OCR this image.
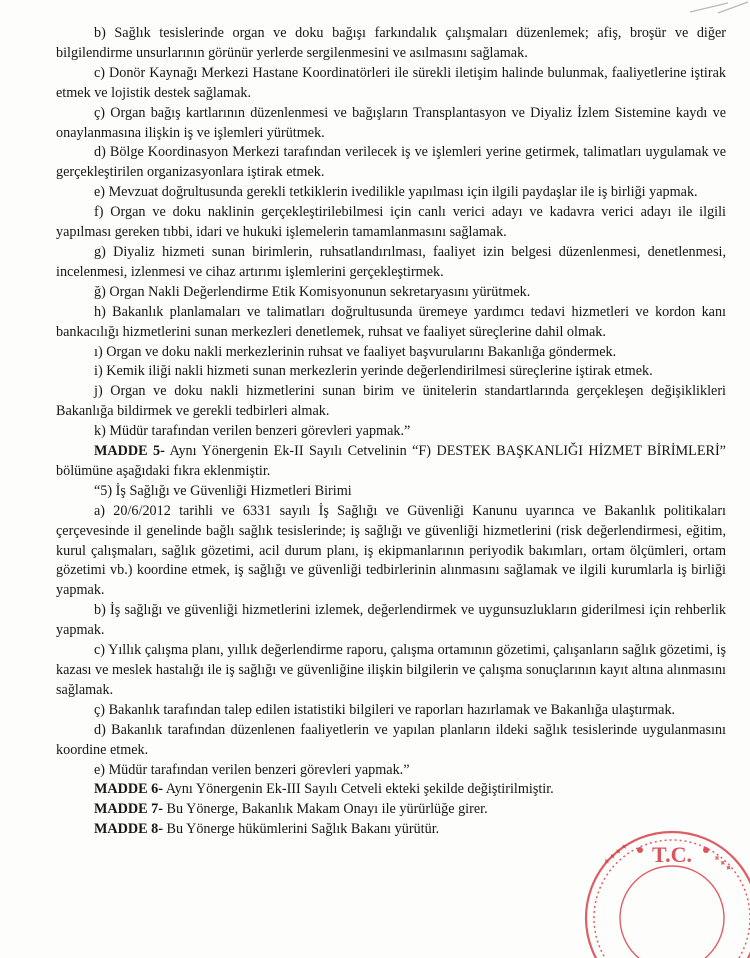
b) Sağlık tesislerinde organ ve doku bağışı farkındalık çalışmaları düzenlemek; afiş, broşür ve diğer bilgilendirme unsurlarının görünür yerlerde sergilenmesini ve asılmasını sağlamak.

c) Donör Kaynağı Merkezi Hastane Koordinatörleri ile sürekli iletişim halinde bulunmak, faaliyetlerine iştirak etmek ve lojistik destek sağlamak.

ç) Organ bağış kartlarının düzenlenmesi ve bağışların Transplantasyon ve Diyaliz İzlem Sistemine kaydı ve onaylanmasına ilişkin iş ve işlemleri yürütmek.

d) Bölge Koordinasyon Merkezi tarafından verilecek iş ve işlemleri yerine getirmek, talimatları uygulamak ve gerçekleştirilen organizasyonlara iştirak etmek.

e) Mevzuat doğrultusunda gerekli tetkiklerin ivedilikle yapılması için ilgili paydaşlar ile iş birliği yapmak.

f) Organ ve doku naklinin gerçekleştirilebilmesi için canlı verici adayı ve kadavra verici adayı ile ilgili yapılması gereken tıbbi, idari ve hukuki işlemelerin tamamlanmasını sağlamak.

g) Diyaliz hizmeti sunan birimlerin, ruhsatlandırılması, faaliyet izin belgesi düzenlenmesi, denetlenmesi, incelenmesi, izlenmesi ve cihaz artırımı işlemlerini gerçekleştirmek.

ğ) Organ Nakli Değerlendirme Etik Komisyonunun sekretaryasını yürütmek.

h) Bakanlık planlamaları ve talimatları doğrultusunda üremeye yardımcı tedavi hizmetleri ve kordon kanı bankacılığı hizmetlerini sunan merkezleri denetlemek, ruhsat ve faaliyet süreçlerine dahil olmak.

ı) Organ ve doku nakli merkezlerinin ruhsat ve faaliyet başvurularını Bakanlığa göndermek.

i) Kemik iliği nakli hizmeti sunan merkezlerin yerinde değerlendirilmesi süreçlerine iştirak etmek.

j) Organ ve doku nakli hizmetlerini sunan birim ve ünitelerin standartlarında gerçekleşen değişiklikleri Bakanlığa bildirmek ve gerekli tedbirleri almak.

k) Müdür tarafından verilen benzeri görevleri yapmak.”

MADDE 5- Aynı Yönergenin Ek-II Sayılı Cetvelinin “F) DESTEK BAŞKANLIĞI HİZMET BİRİMLERİ” bölümüne aşağıdaki fıkra eklenmiştir.

“5) İş Sağlığı ve Güvenliği Hizmetleri Birimi

a) 20/6/2012 tarihli ve 6331 sayılı İş Sağlığı ve Güvenliği Kanunu uyarınca ve Bakanlık politikaları çerçevesinde il genelinde bağlı sağlık tesislerinde; iş sağlığı ve güvenliği hizmetlerini (risk değerlendirmesi, eğitim, kurul çalışmaları, sağlık gözetimi, acil durum planı, iş ekipmanlarının periyodik bakımları, ortam ölçümleri, ortam gözetimi vb.) koordine etmek, iş sağlığı ve güvenliği tedbirlerinin alınmasını sağlamak ve ilgili kurumlarla iş birliği yapmak.

b) İş sağlığı ve güvenliği hizmetlerini izlemek, değerlendirmek ve uygunsuzlukların giderilmesi için rehberlik yapmak.

c) Yıllık çalışma planı, yıllık değerlendirme raporu, çalışma ortamının gözetimi, çalışanların sağlık gözetimi, iş kazası ve meslek hastalığı ile iş sağlığı ve güvenliğine ilişkin bilgilerin ve çalışma sonuçlarının kayıt altına alınmasını sağlamak.

ç) Bakanlık tarafından talep edilen istatistiki bilgileri ve raporları hazırlamak ve Bakanlığa ulaştırmak.

d) Bakanlık tarafından düzenlenen faaliyetlerin ve yapılan planların ildeki sağlık tesislerinde uygulanmasını koordine etmek.

e) Müdür tarafından verilen benzeri görevleri yapmak.”

MADDE 6- Aynı Yönergenin Ek-III Sayılı Cetveli ekteki şekilde değiştirilmiştir.

MADDE 7- Bu Yönerge, Bakanlık Makam Onayı ile yürürlüğe girer.

MADDE 8- Bu Yönerge hükümlerini Sağlık Bakanı yürütür.

✦✦✦✦	✦✦✦
T.C.
